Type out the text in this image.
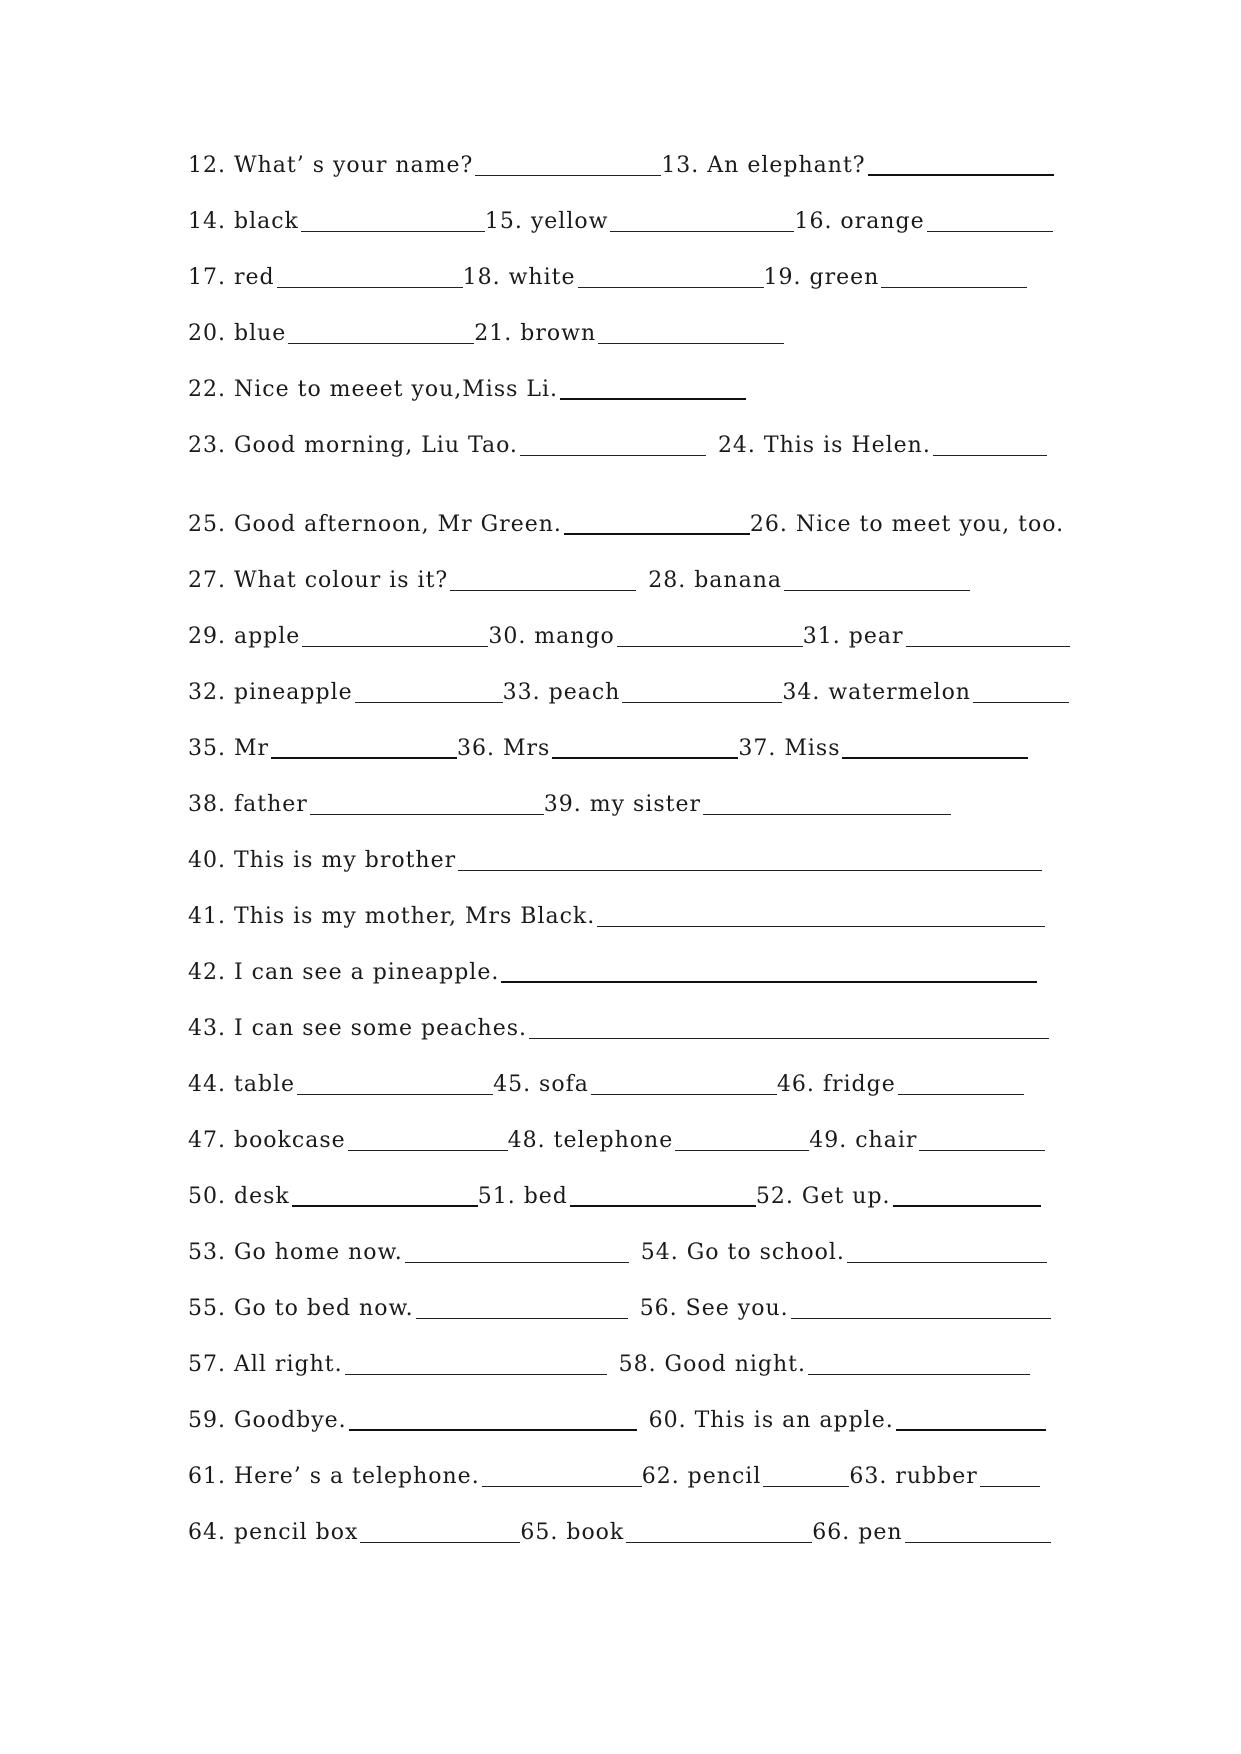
12. What’ s your name?	13. An elephant?
14. black	15. yellow	16. orange
17. red	18. white	19. green
20. blue	21. brown
22. Nice to meeet you,Miss Li.
23. Good morning, Liu Tao.	24. This is Helen.
25. Good afternoon, Mr Green.	26. Nice to meet you, too.
27. What colour is it?	28. banana
29. apple	30. mango	31. pear
32. pineapple	33. peach	34. watermelon
35. Mr	36. Mrs	37. Miss
38. father	39. my sister
40. This is my brother
41. This is my mother, Mrs Black.
42. I can see a pineapple.
43. I can see some peaches.
44. table	45. sofa	46. fridge
47. bookcase	48. telephone	49. chair
50. desk	51. bed	52. Get up.
53. Go home now.	54. Go to school.
55. Go to bed now.	56. See you.
57. All right.	58. Good night.
59. Goodbye.	60. This is an apple.
61. Here’ s a telephone.	62. pencil	63. rubber
64. pencil box	65. book	66. pen
